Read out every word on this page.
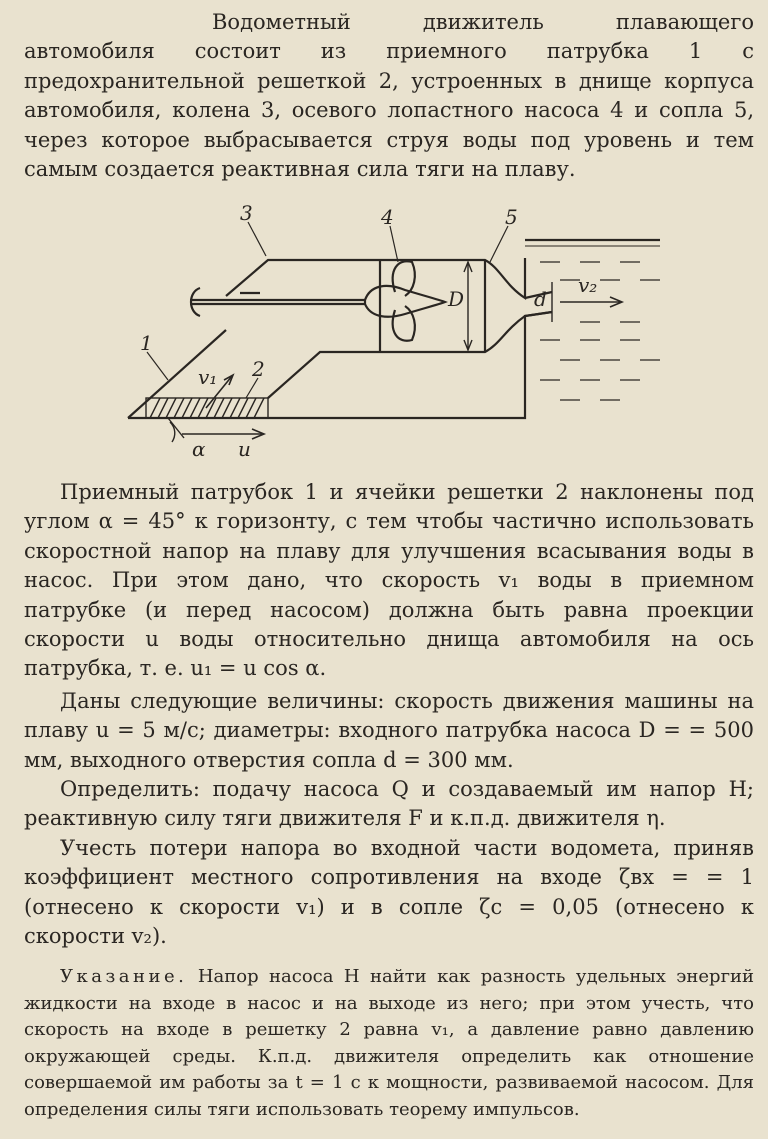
Водометный движитель плавающего автомобиля состоит из приемного патрубка 1 с предохранительной решеткой 2, устроенных в днище корпуса автомобиля, колена 3, осевого лопастного насоса 4 и сопла 5, через которое выбрасывается струя воды под уровень и тем самым создается реактивная сила тяги на плаву.

3	4	5
1
2
v₁
v₂
D	d
α u

Приемный патрубок 1 и ячейки решетки 2 наклонены под углом α = 45° к горизонту, с тем чтобы частично использовать скоростной напор на плаву для улучшения всасывания воды в насос. При этом дано, что скорость v₁ воды в приемном патрубке (и перед насосом) должна быть равна проекции скорости u воды относительно днища автомобиля на ось патрубка, т. е. u₁ = u cos α.

Даны следующие величины: скорость движения машины на плаву u = 5 м/с; диаметры: входного патрубка насоса D = = 500 мм, выходного отверстия сопла d = 300 мм.

Определить: подачу насоса Q и создаваемый им напор H; реактивную силу тяги движителя F и к.п.д. движителя η.

Учесть потери напора во входной части водомета, приняв коэффициент местного сопротивления на входе ζвх = = 1 (отнесено к скорости v₁) и в сопле ζс = 0,05 (отнесено к скорости v₂).

Указание. Напор насоса H найти как разность удельных энергий жидкости на входе в насос и на выходе из него; при этом учесть, что скорость на входе в решетку 2 равна v₁, а давление равно давлению окружающей среды. К.п.д. движителя определить как отношение совершаемой им работы за t = 1 с к мощности, развиваемой насосом. Для определения силы тяги использовать теорему импульсов.
